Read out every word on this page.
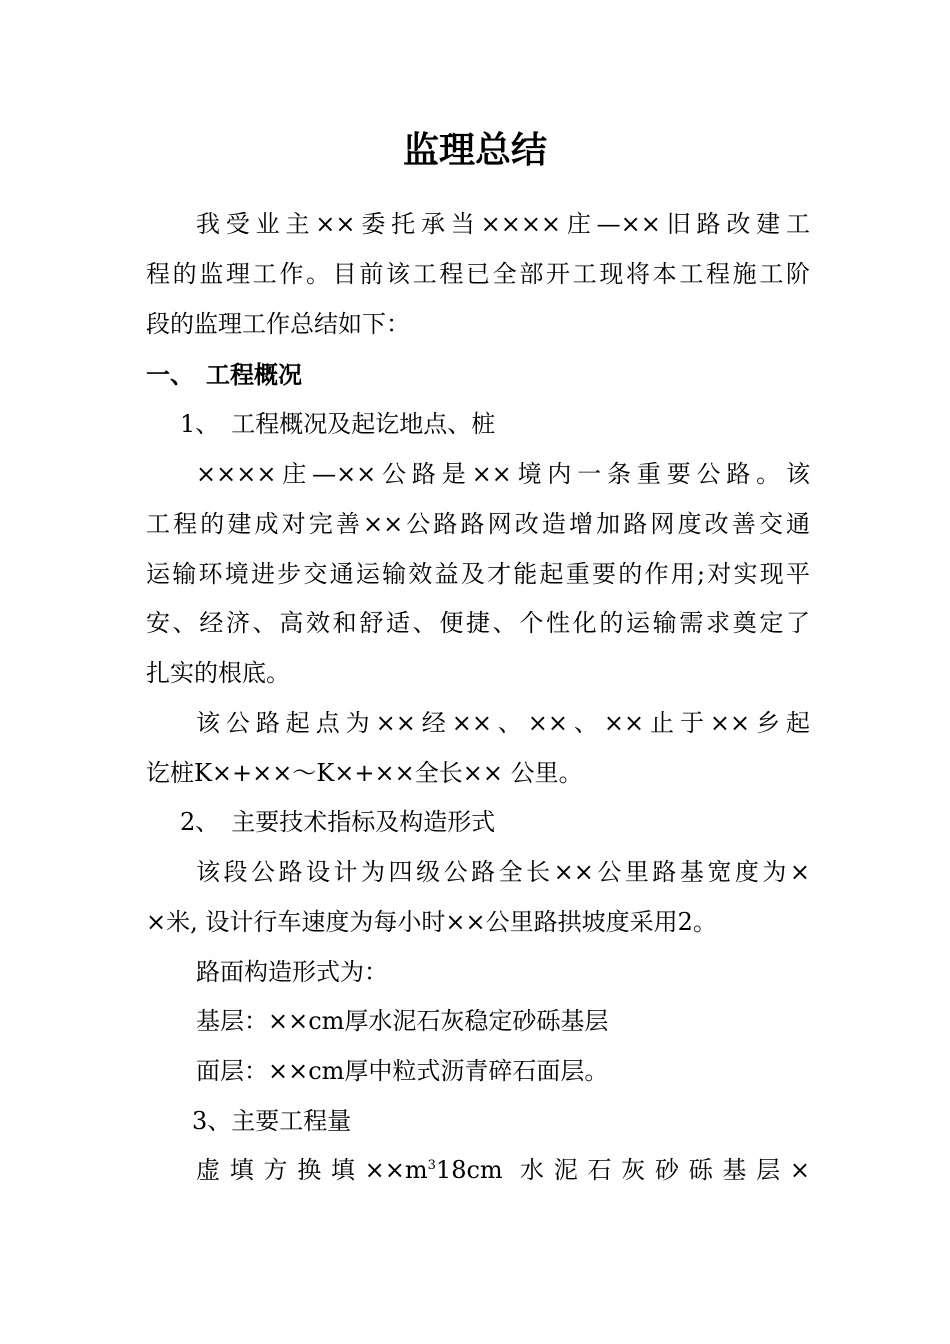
监理总结
我受业主××委托承当××××庄—××旧路改建工
程的监理工作。目前该工程已全部开工现将本工程施工阶
段的监理工作总结如下：
一、　工程概况
1、　工程概况及起讫地点、桩
××××庄—××公路是××境内一条重要公路。该
工程的建成对完善××公路路网改造增加路网度改善交通
运输环境进步交通运输效益及才能起重要的作用;对实现平
安、经济、高效和舒适、便捷、个性化的运输需求奠定了
扎实的根底。
该公路起点为××经××、××、××止于××乡起
讫桩K×+××～K×+××全长×× 公里。
2、　主要技术指标及构造形式
该段公路设计为四级公路全长××公里路基宽度为×
×米, 设计行车速度为每小时××公里路拱坡度采用2。
路面构造形式为：
基层：××cm厚水泥石灰稳定砂砾基层
面层：××cm厚中粒式沥青碎石面层。
3、主要工程量
虚填方换填$\times\times m^318cm$ 水泥石灰砂砾基层×
